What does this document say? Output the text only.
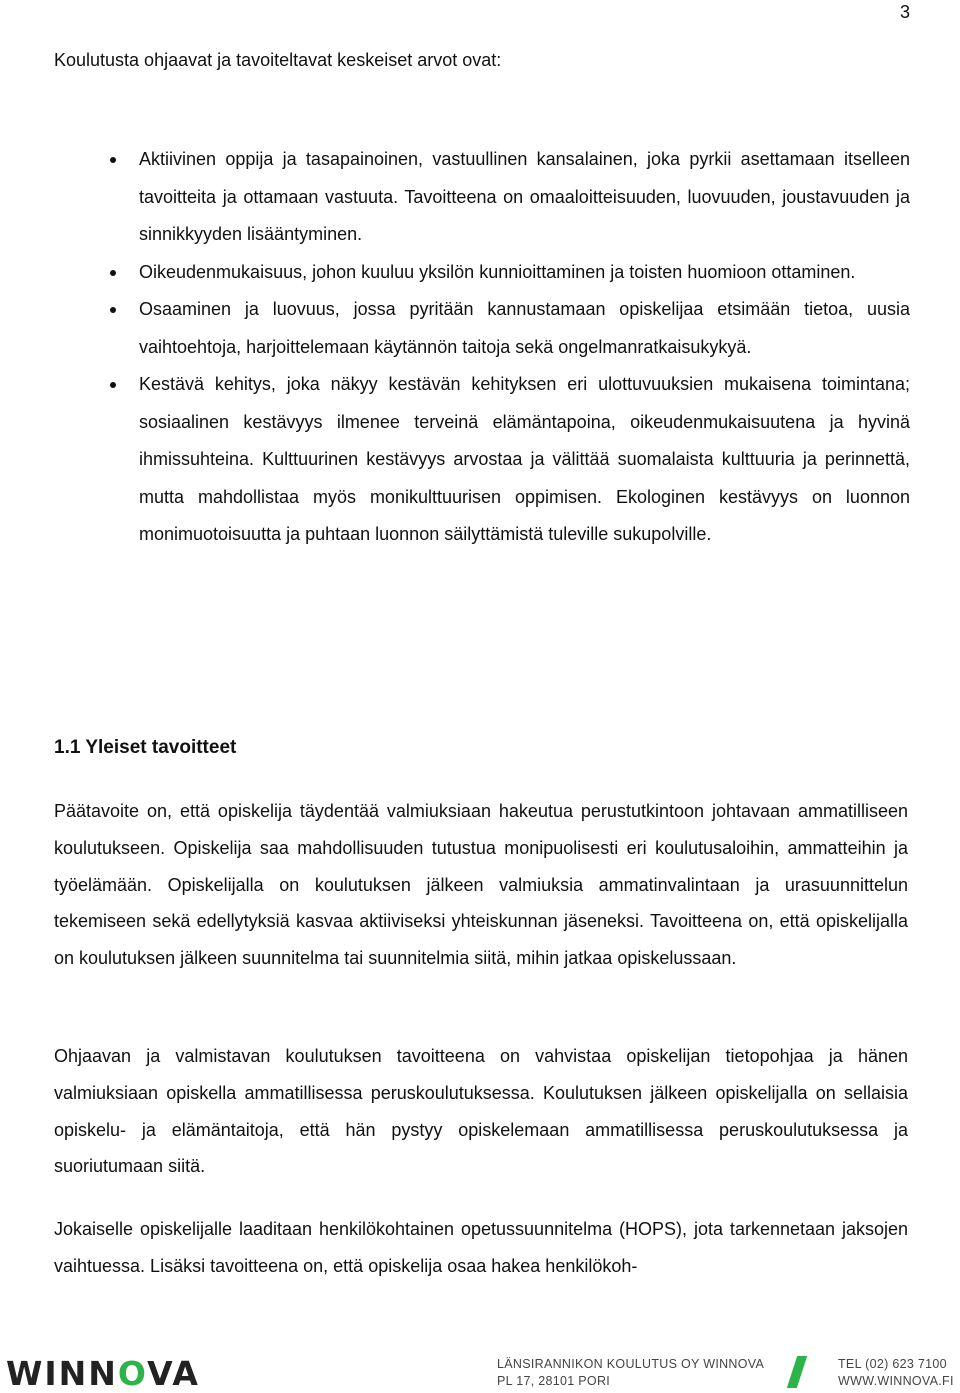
3

Koulutusta ohjaavat ja tavoiteltavat keskeiset arvot ovat:

Aktiivinen oppija ja tasapainoinen, vastuullinen kansalainen, joka pyrkii asettamaan itselleen tavoitteita ja ottamaan vastuuta. Tavoitteena on omaaloitteisuuden, luovuuden, joustavuuden ja sinnikkyyden lisääntyminen.
Oikeudenmukaisuus, johon kuuluu yksilön kunnioittaminen ja toisten huomioon ottaminen.
Osaaminen ja luovuus, jossa pyritään kannustamaan opiskelijaa etsimään tietoa, uusia vaihtoehtoja, harjoittelemaan käytännön taitoja sekä ongelmanratkaisukykyä.
Kestävä kehitys, joka näkyy kestävän kehityksen eri ulottuvuuksien mukaisena toimintana; sosiaalinen kestävyys ilmenee terveinä elämäntapoina, oikeudenmukaisuutena ja hyvinä ihmissuhteina. Kulttuurinen kestävyys arvostaa ja välittää suomalaista kulttuuria ja perinnettä, mutta mahdollistaa myös monikulttuurisen oppimisen. Ekologinen kestävyys on luonnon monimuotoisuutta ja puhtaan luonnon säilyttämistä tuleville sukupolville.
1.1 Yleiset tavoitteet

Päätavoite on, että opiskelija täydentää valmiuksiaan hakeutua perustutkintoon johtavaan ammatilliseen koulutukseen. Opiskelija saa mahdollisuuden tutustua monipuolisesti eri koulutusaloihin, ammatteihin ja työelämään. Opiskelijalla on koulutuksen jälkeen valmiuksia ammatinvalintaan ja urasuunnittelun tekemiseen sekä edellytyksiä kasvaa aktiiviseksi yhteiskunnan jäseneksi. Tavoitteena on, että opiskelijalla on koulutuksen jälkeen suunnitelma tai suunnitelmia siitä, mihin jatkaa opiskelussaan.

Ohjaavan ja valmistavan koulutuksen tavoitteena on vahvistaa opiskelijan tietopohjaa ja hänen valmiuksiaan opiskella ammatillisessa peruskoulutuksessa. Koulutuksen jälkeen opiskelijalla on sellaisia opiskelu- ja elämäntaitoja, että hän pystyy opiskelemaan ammatillisessa peruskoulutuksessa ja suoriutumaan siitä.

Jokaiselle opiskelijalle laaditaan henkilökohtainen opetussuunnitelma (HOPS), jota tarkennetaan jaksojen vaihtuessa. Lisäksi tavoitteena on, että opiskelija osaa hakea henkilökoh-

WINNOVA	LÄNSIRANNIKON KOULUTUS OY WINNOVA
PL 17, 28101 PORI
TEL (02) 623 7100
WWW.WINNOVA.FI
